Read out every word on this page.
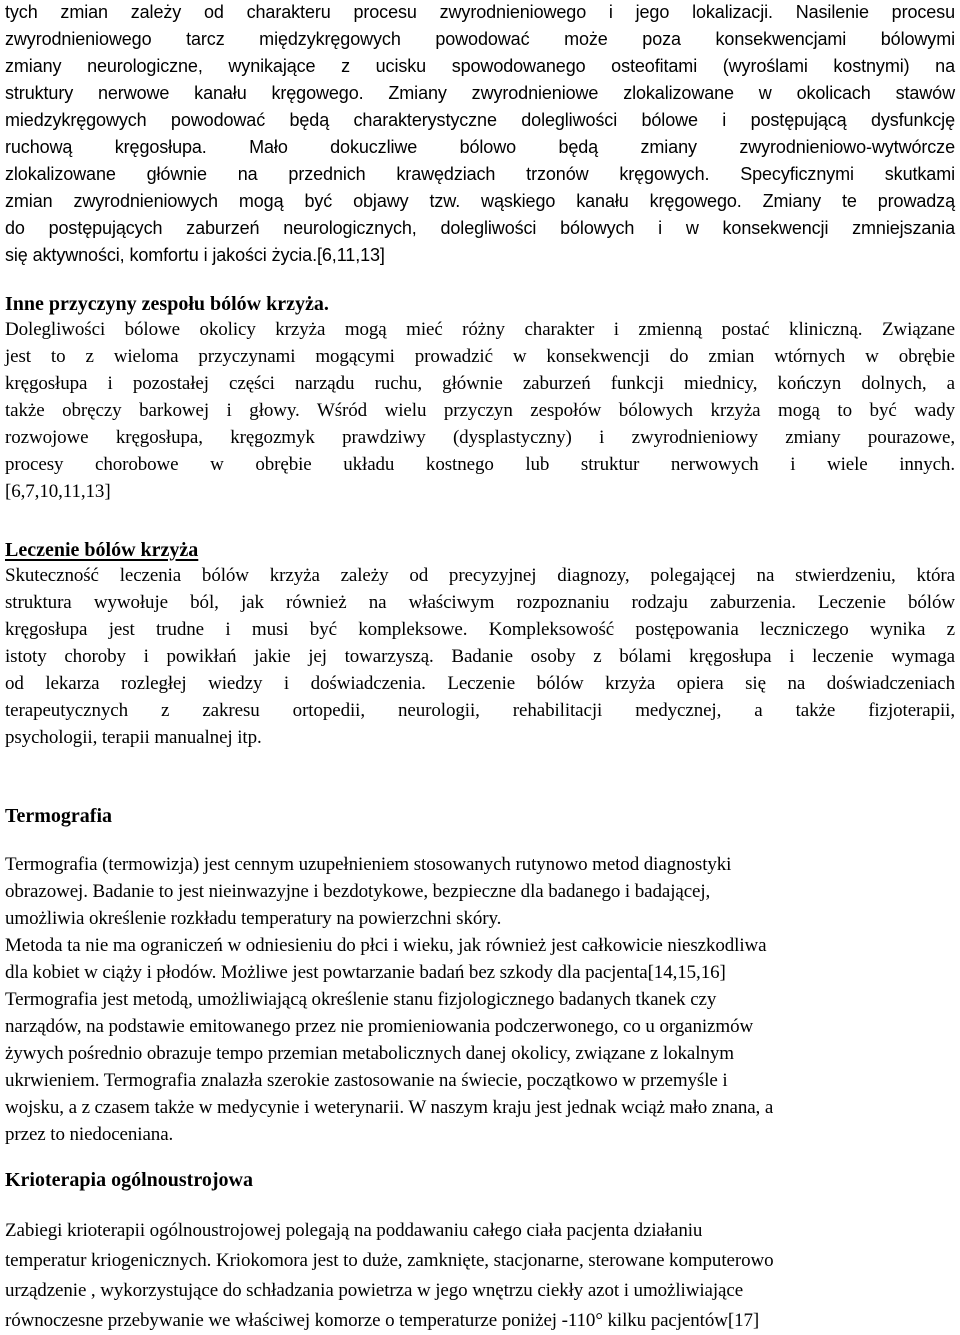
tych zmian zależy od charakteru procesu zwyrodnieniowego i jego lokalizacji. Nasilenie procesu
zwyrodnieniowego tarcz międzykręgowych powodować może poza konsekwencjami bólowymi
zmiany neurologiczne, wynikające z ucisku spowodowanego osteofitami (wyroślami kostnymi) na
struktury nerwowe kanału kręgowego. Zmiany zwyrodnieniowe zlokalizowane w okolicach stawów
miedzykręgowych powodować będą charakterystyczne dolegliwości bólowe i postępującą dysfunkcję
ruchową kręgosłupa. Mało dokuczliwe bólowo będą zmiany zwyrodnieniowo-wytwórcze
zlokalizowane głównie na przednich krawędziach trzonów kręgowych. Specyficznymi skutkami
zmian zwyrodnieniowych mogą być objawy tzw. wąskiego kanału kręgowego. Zmiany te prowadzą
do postępujących zaburzeń neurologicznych, dolegliwości bólowych i w konsekwencji zmniejszania
się aktywności, komfortu i jakości życia.[6,11,13]
Inne przyczyny zespołu bólów krzyża.
Dolegliwości bólowe okolicy krzyża mogą mieć różny charakter i zmienną postać kliniczną. Związane
jest to z wieloma przyczynami mogącymi prowadzić w konsekwencji do zmian wtórnych w obrębie
kręgosłupa i pozostałej części narządu ruchu, głównie zaburzeń funkcji miednicy, kończyn dolnych, a
także obręczy barkowej i głowy. Wśród wielu przyczyn zespołów bólowych krzyża mogą to być wady
rozwojowe kręgosłupa, kręgozmyk prawdziwy (dysplastyczny) i zwyrodnieniowy zmiany pourazowe,
procesy chorobowe w obrębie układu kostnego lub struktur nerwowych i wiele innych.
[6,7,10,11,13]
Leczenie bólów krzyża
Skuteczność leczenia bólów krzyża zależy od precyzyjnej diagnozy, polegającej na stwierdzeniu, która
struktura wywołuje ból, jak również na właściwym rozpoznaniu rodzaju zaburzenia. Leczenie bólów
kręgosłupa jest trudne i musi być kompleksowe. Kompleksowość postępowania leczniczego wynika z
istoty choroby i powikłań jakie jej towarzyszą. Badanie osoby z bólami kręgosłupa i leczenie wymaga
od lekarza rozległej wiedzy i doświadczenia. Leczenie bólów krzyża opiera się na doświadczeniach
terapeutycznych z zakresu ortopedii, neurologii, rehabilitacji medycznej, a także fizjoterapii,
psychologii, terapii manualnej itp.
Termografia
Termografia (termowizja) jest cennym uzupełnieniem stosowanych rutynowo metod diagnostyki
obrazowej. Badanie to jest nieinwazyjne i bezdotykowe, bezpieczne dla badanego i badającej,
umożliwia określenie rozkładu temperatury na powierzchni skóry.
Metoda ta nie ma ograniczeń w odniesieniu do płci i wieku, jak również jest całkowicie nieszkodliwa
dla kobiet w ciąży i płodów. Możliwe jest powtarzanie badań bez szkody dla pacjenta[14,15,16]
Termografia jest metodą, umożliwiającą określenie stanu fizjologicznego badanych tkanek czy
narządów, na podstawie emitowanego przez nie promieniowania podczerwonego, co u organizmów
żywych pośrednio obrazuje tempo przemian metabolicznych danej okolicy, związane z lokalnym
ukrwieniem. Termografia znalazła szerokie zastosowanie na świecie, początkowo w przemyśle i
wojsku, a z czasem także w medycynie i weterynarii. W naszym kraju jest jednak wciąż mało znana, a
przez to niedoceniana.
Krioterapia ogólnoustrojowa
Zabiegi krioterapii ogólnoustrojowej polegają na poddawaniu całego ciała pacjenta działaniu
temperatur kriogenicznych. Kriokomora jest to duże, zamknięte, stacjonarne, sterowane komputerowo
urządzenie , wykorzystujące do schładzania powietrza w jego wnętrzu ciekły azot i umożliwiające
równoczesne przebywanie we właściwej komorze o temperaturze poniżej -110° kilku pacjentów[17]
